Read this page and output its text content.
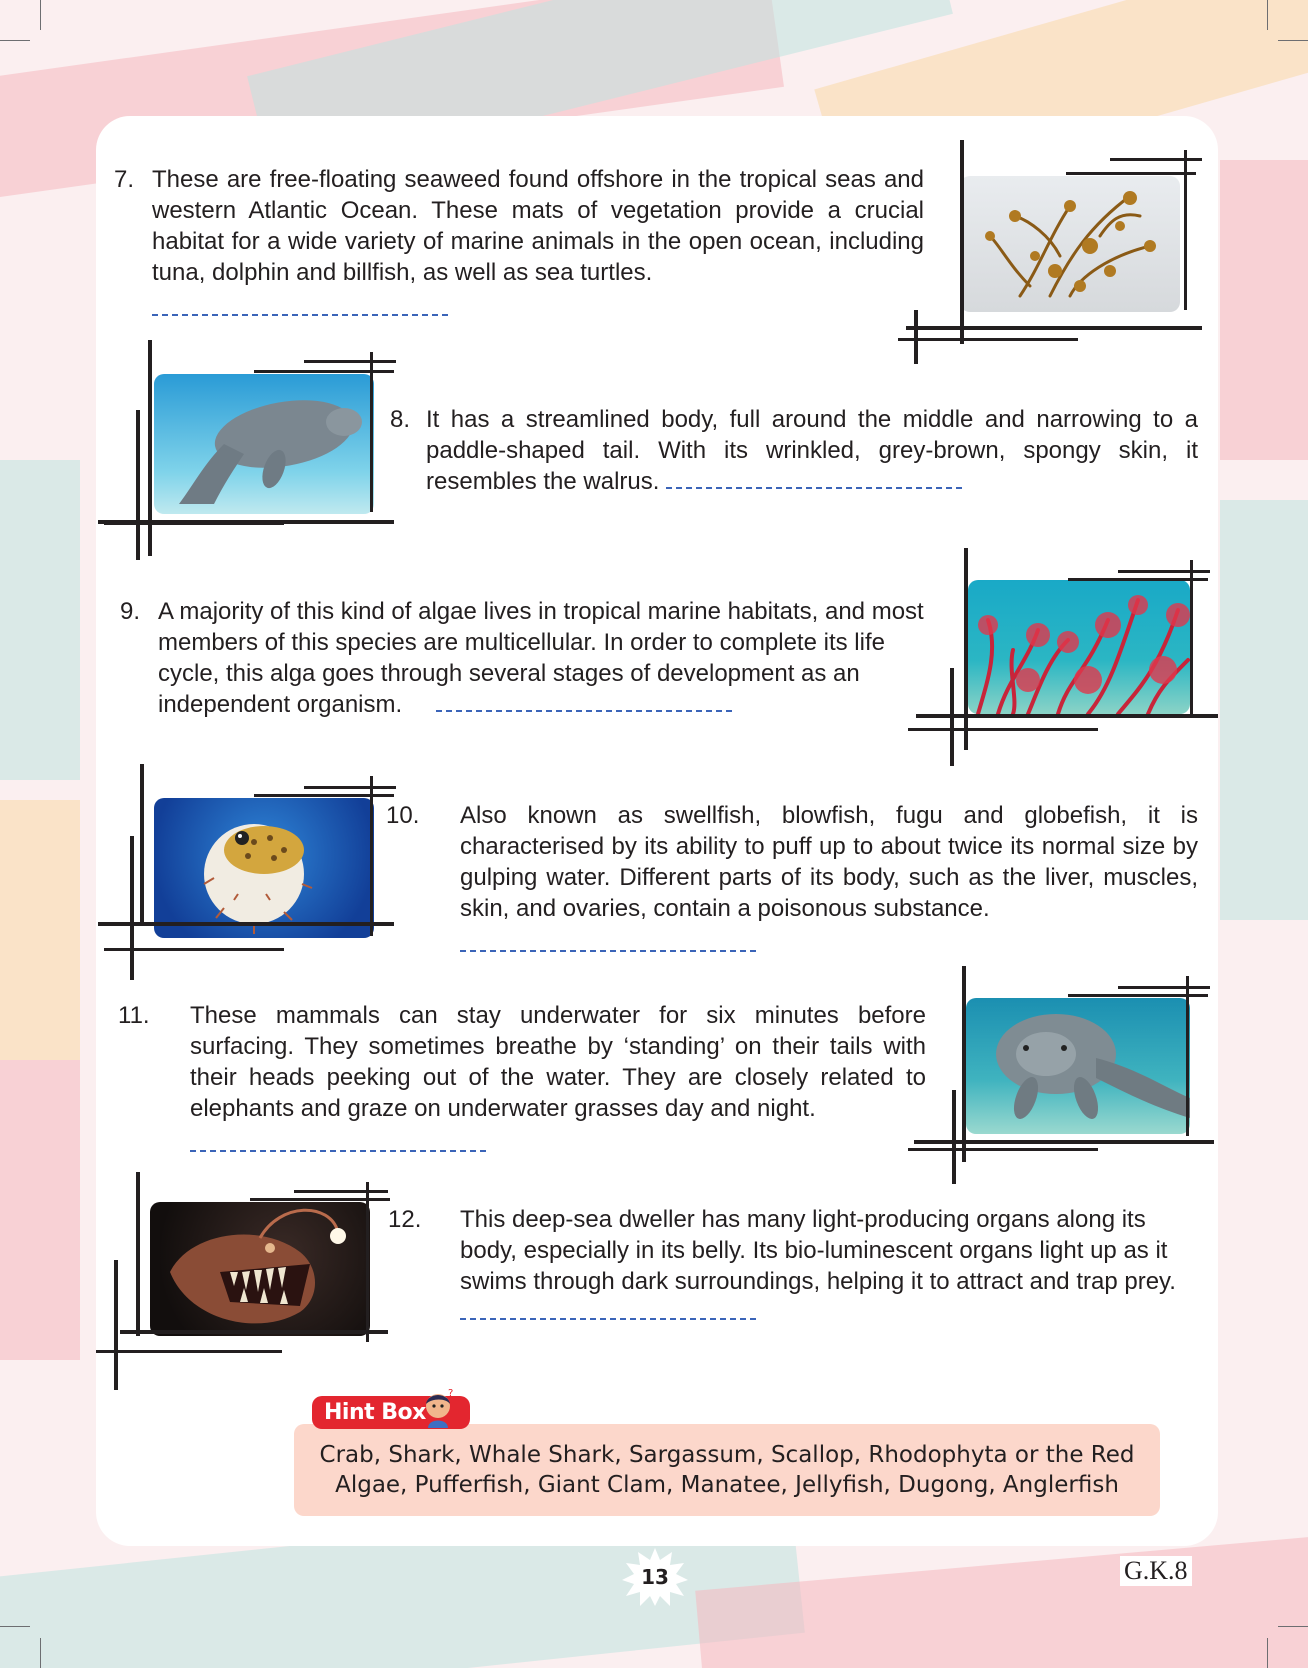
7. These are free-floating seaweed found offshore in the tropical seas and western Atlantic Ocean. These mats of vegetation provide a crucial habitat for a wide variety of marine animals in the open ocean, including tuna, dolphin and billfish, as well as sea turtles.
8. It has a streamlined body, full around the middle and narrowing to a paddle-shaped tail. With its wrinkled, grey-brown, spongy skin, it resembles the walrus.
9. A majority of this kind of algae lives in tropical marine habitats, and most members of this species are multicellular. In order to complete its life cycle, this alga goes through several stages of development as an independent organism.
10. Also known as swellfish, blowfish, fugu and globefish, it is characterised by its ability to puff up to about twice its normal size by gulping water. Different parts of its body, such as the liver, muscles, skin, and ovaries, contain a poisonous substance.
11. These mammals can stay underwater for six minutes before surfacing. They sometimes breathe by ‘standing’ on their tails with their heads peeking out of the water. They are closely related to elephants and graze on underwater grasses day and night.
12. This deep-sea dweller has many light-producing organs along its body, especially in its belly. Its bio-luminescent organs light up as it swims through dark surroundings, helping it to attract and trap prey.
Hint Box
?
Crab, Shark, Whale Shark, Sargassum, Scallop, Rhodophyta or the Red Algae, Pufferfish, Giant Clam, Manatee, Jellyfish, Dugong, Anglerfish
13	G.K.8
